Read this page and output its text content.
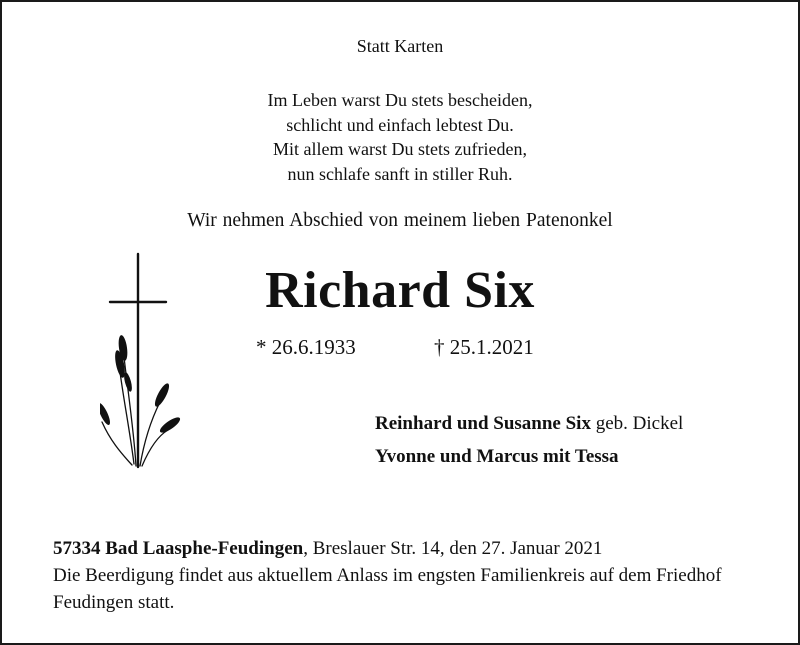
Statt Karten
Im Leben warst Du stets bescheiden,
schlicht und einfach lebtest Du.
Mit allem warst Du stets zufrieden,
nun schlafe sanft in stiller Ruh.
Wir nehmen Abschied von meinem lieben Patenonkel
Richard Six
* 26.6.1933	† 25.1.2021
Reinhard und Susanne Six geb. Dickel
Yvonne und Marcus mit Tessa
57334 Bad Laasphe-Feudingen, Breslauer Str. 14, den 27. Januar 2021
Die Beerdigung findet aus aktuellem Anlass im engsten Familienkreis auf dem Friedhof Feudingen statt.
